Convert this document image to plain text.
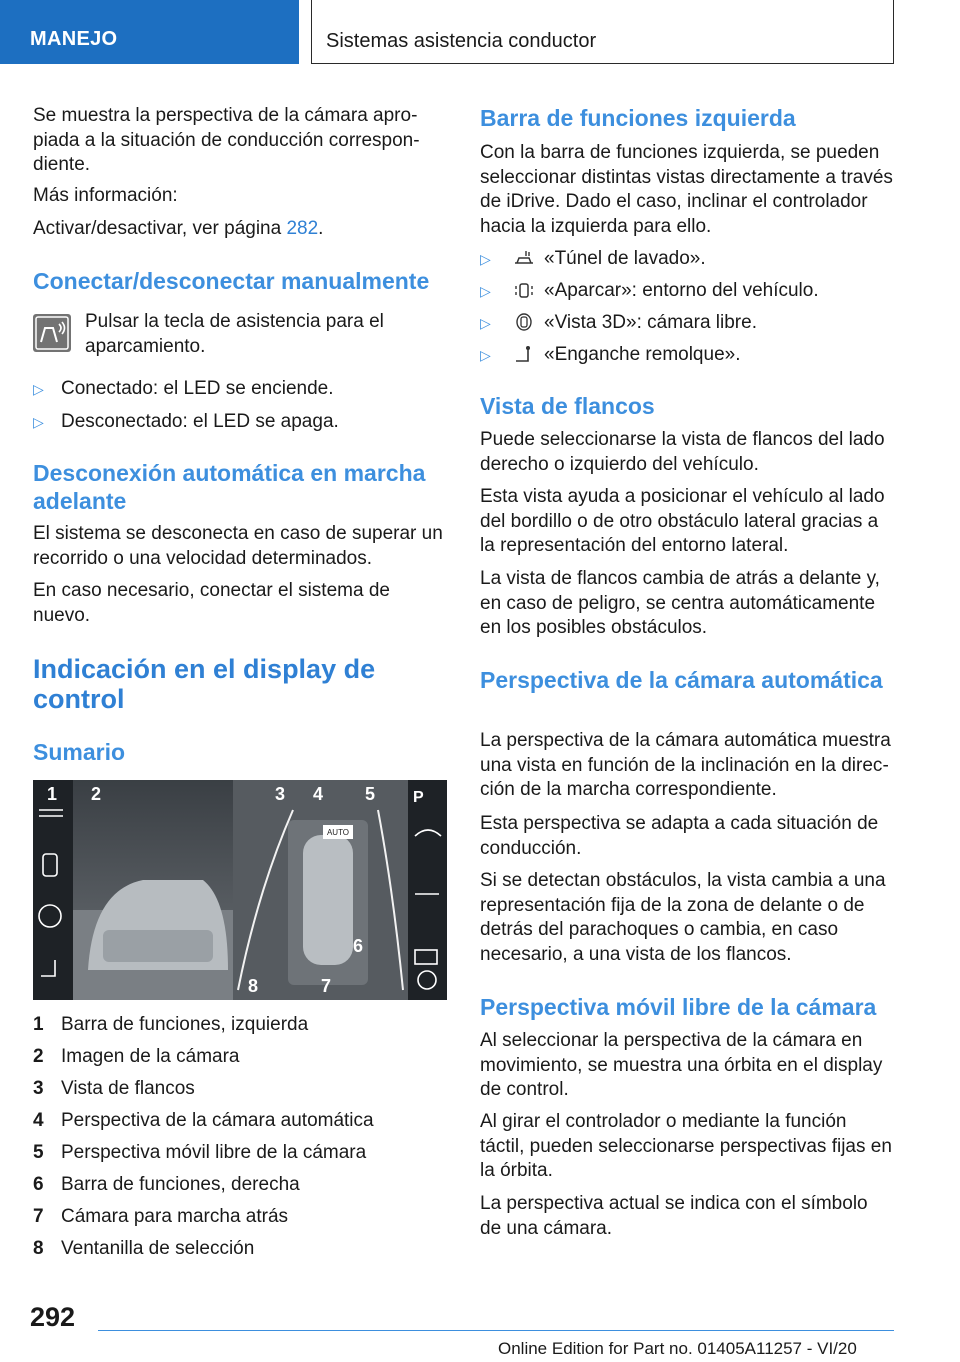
MANEJO	Sistemas asistencia conductor

Se muestra la perspectiva de la cámara apropiada a la situación de conducción correspondiente.

Más información:

Activar/desactivar, ver página 282.

Conectar/desconectar manualmente

Pulsar la tecla de asistencia para el aparcamiento.

▷ Conectado: el LED se enciende.
▷ Desconectado: el LED se apaga.
Desconexión automática en marcha adelante

El sistema se desconecta en caso de superar un recorrido o una velocidad determinados.

En caso necesario, conectar el sistema de nuevo.

Indicación en el display de control
Sumario
AUTO
P
1 2	3 4 5
6
7
8
1 Barra de funciones, izquierda
2 Imagen de la cámara
3 Vista de flancos
4 Perspectiva de la cámara automática
5 Perspectiva móvil libre de la cámara
6 Barra de funciones, derecha
7 Cámara para marcha atrás
8 Ventanilla de selección
Barra de funciones izquierda

Con la barra de funciones izquierda, se pueden seleccionar distintas vistas directamente a través de iDrive. Dado el caso, inclinar el controlador hacia la izquierda para ello.

▷	«Túnel de lavado».
▷	«Aparcar»: entorno del vehículo.
▷	«Vista 3D»: cámara libre.
▷	«Enganche remolque».
Vista de flancos

Puede seleccionarse la vista de flancos del lado derecho o izquierdo del vehículo.

Esta vista ayuda a posicionar el vehículo al lado del bordillo o de otro obstáculo lateral gracias a la representación del entorno lateral.

La vista de flancos cambia de atrás a delante y, en caso de peligro, se centra automáticamente en los posibles obstáculos.

Perspectiva de la cámara automática

La perspectiva de la cámara automática muestra una vista en función de la inclinación en la dirección de la marcha correspondiente.

Esta perspectiva se adapta a cada situación de conducción.

Si se detectan obstáculos, la vista cambia a una representación fija de la zona de delante o de detrás del parachoques o cambia, en caso necesario, a una vista de los flancos.

Perspectiva móvil libre de la cámara

Al seleccionar la perspectiva de la cámara en movimiento, se muestra una órbita en el display de control.

Al girar el controlador o mediante la función táctil, pueden seleccionarse perspectivas fijas en la órbita.

La perspectiva actual se indica con el símbolo de una cámara.

292
Online Edition for Part no. 01405A11257 - VI/20
